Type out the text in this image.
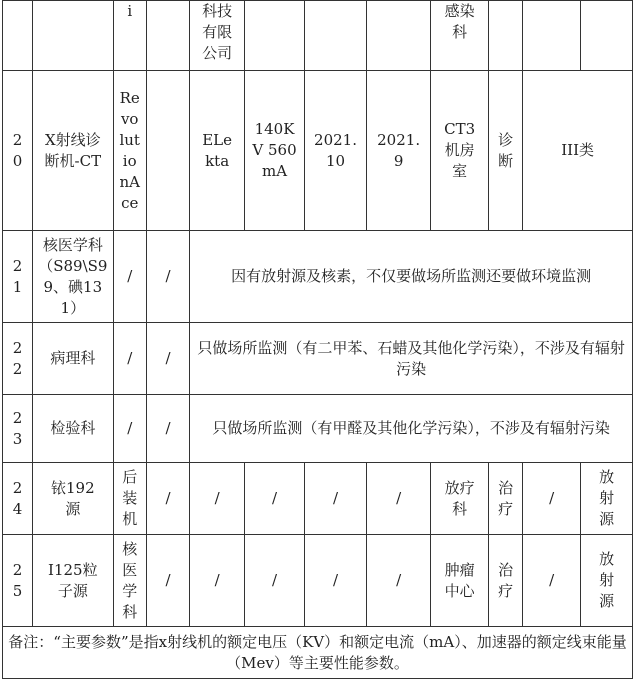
		i		科技有限公司				感染科			
20	X射线诊断机-CT	RevolutionAce		ELekta	140KV 560mA	2021.10	2021.9	CT3机房室	诊断	III类	
21	核医学科（S89\S99、碘131）	/	/	因有放射源及核素，不仅要做场所监测还要做环境监测							
22	病理科	/	/	只做场所监测（有二甲苯、石蜡及其他化学污染），不涉及有辐射污染							
23	检验科	/	/	只做场所监测（有甲醛及其他化学污染），不涉及有辐射污染							
24	铱192源	后装机	/	/	/	/	/	放疗科	治疗	/	放射源
25	I125粒子源	核医学科	/	/	/	/	/	肿瘤中心	治疗	/	放射源
备注：“主要参数”是指x射线机的额定电压（KV）和额定电流（mA）、加速器的额定线束能量（Mev）等主要性能参数。											
